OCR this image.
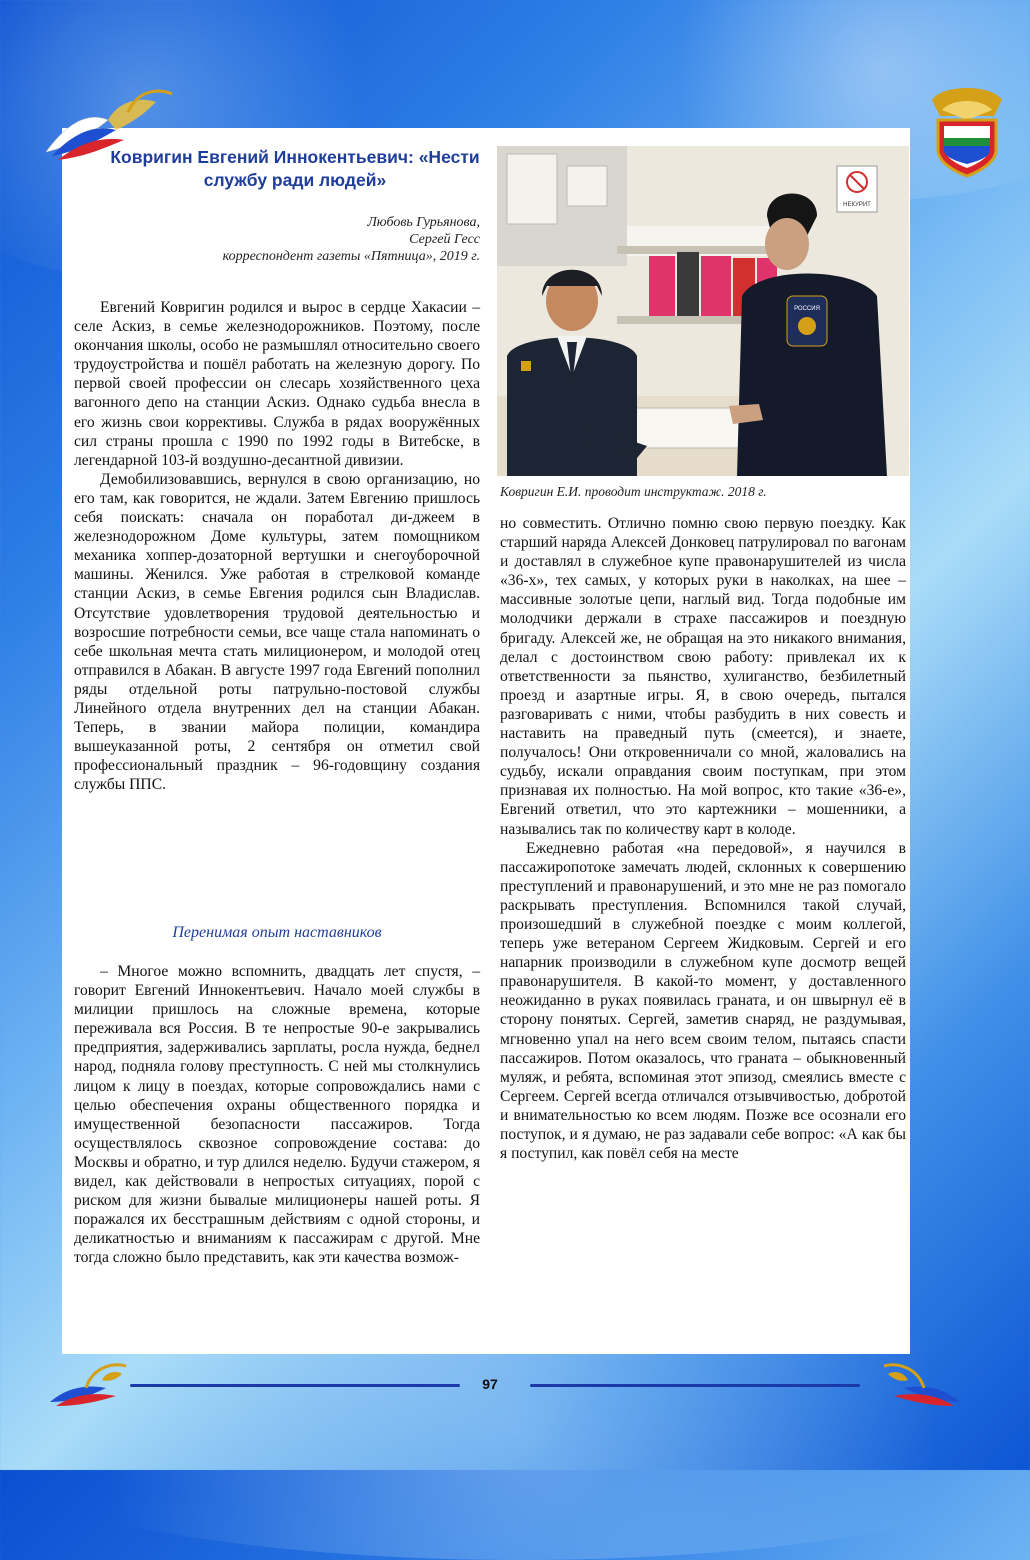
Ковригин Евгений Иннокентьевич: «Нести
службу ради людей»
Любовь Гурьянова,
Сергей Гесс
корреспондент газеты «Пятница», 2019 г.

Евгений Ковригин родился и вырос в сердце Хакасии – селе Аскиз, в семье железнодорожников. Поэтому, после окончания школы, особо не размышлял относительно своего трудоустройства и пошёл работать на железную дорогу. По первой своей профессии он слесарь хозяйственного цеха вагонного депо на станции Аскиз. Однако судьба внесла в его жизнь свои коррективы. Служба в рядах вооружённых сил страны прошла с 1990 по 1992 годы в Витебске, в легендарной 103-й воздушно-десантной дивизии.

Демобилизовавшись, вернулся в свою организацию, но его там, как говорится, не ждали. Затем Евгению пришлось себя поискать: сначала он поработал ди-джеем в железнодорожном Доме культуры, затем помощником механика хоппер-дозаторной вертушки и снегоуборочной машины. Женился. Уже работая в стрелковой команде станции Аскиз, в семье Евгения родился сын Владислав. Отсутствие удовлетворения трудовой деятельностью и возросшие потребности семьи, все чаще стала напоминать о себе школьная мечта стать милиционером, и молодой отец отправился в Абакан. В августе 1997 года Евгений пополнил ряды отдельной роты патрульно-постовой службы Линейного отдела внутренних дел на станции Абакан. Теперь, в звании майора полиции, командира вышеуказанной роты, 2 сентября он отметил свой профессиональный праздник – 96-годовщину создания службы ППС.

Перенимая опыт наставников

– Многое можно вспомнить, двадцать лет спустя, – говорит Евгений Иннокентьевич. Начало моей службы в милиции пришлось на сложные времена, которые переживала вся Россия. В те непростые 90-е закрывались предприятия, задерживались зарплаты, росла нужда, беднел народ, подняла голову преступность. С ней мы столкнулись лицом к лицу в поездах, которые сопровождались нами с целью обеспечения охраны общественного порядка и имущественной безопасности пассажиров. Тогда осуществлялось сквозное сопровождение состава: до Москвы и обратно, и тур длился неделю. Будучи стажером, я видел, как действовали в непростых ситуациях, порой с риском для жизни бывалые милиционеры нашей роты. Я поражался их бесстрашным действиям с одной стороны, и деликатностью и вниманиям к пассажирам с другой. Мне тогда сложно было представить, как эти качества возмож-

НЕКУРИТ
РОССИЯ
Ковригин Е.И. проводит инструктаж. 2018 г.

но совместить. Отлично помню свою первую поездку. Как старший наряда Алексей Донковец патрулировал по вагонам и доставлял в служебное купе правонарушителей из числа «36-х», тех самых, у которых руки в наколках, на шее – массивные золотые цепи, наглый вид. Тогда подобные им молодчики держали в страхе пассажиров и поездную бригаду. Алексей же, не обращая на это никакого внимания, делал с достоинством свою работу: привлекал их к ответственности за пьянство, хулиганство, безбилетный проезд и азартные игры. Я, в свою очередь, пытался разговаривать с ними, чтобы разбудить в них совесть и наставить на праведный путь (смеется), и знаете, получалось! Они откровенничали со мной, жаловались на судьбу, искали оправдания своим поступкам, при этом признавая их полностью. На мой вопрос, кто такие «36-е», Евгений ответил, что это картежники – мошенники, а назывались так по количеству карт в колоде.

Ежедневно работая «на передовой», я научился в пассажиропотоке замечать людей, склонных к совершению преступлений и правонарушений, и это мне не раз помогало раскрывать преступления. Вспомнился такой случай, произошедший в служебной поездке с моим коллегой, теперь уже ветераном Сергеем Жидковым. Сергей и его напарник производили в служебном купе досмотр вещей правонарушителя. В какой-то момент, у доставленного неожиданно в руках появилась граната, и он швырнул её в сторону понятых. Сергей, заметив снаряд, не раздумывая, мгновенно упал на него всем своим телом, пытаясь спасти пассажиров. Потом оказалось, что граната – обыкновенный муляж, и ребята, вспоминая этот эпизод, смеялись вместе с Сергеем. Сергей всегда отличался отзывчивостью, добротой и внимательностью ко всем людям. Позже все осознали его поступок, и я думаю, не раз задавали себе вопрос: «А как бы я поступил, как повёл себя на месте

97
